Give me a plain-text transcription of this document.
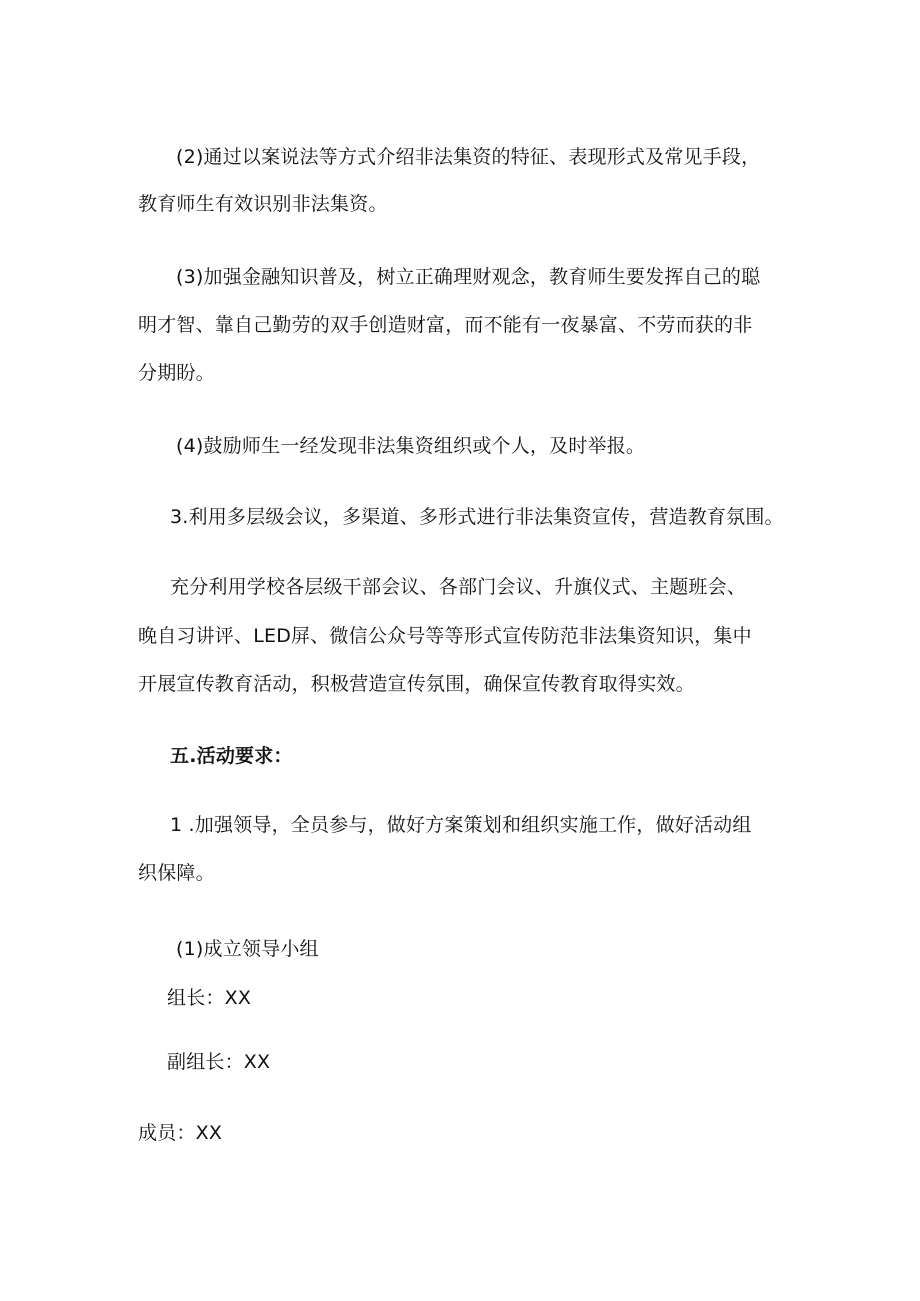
(2)通过以案说法等方式介绍非法集资的特征、表现形式及常见手段，
教育师生有效识别非法集资。
(3)加强金融知识普及，树立正确理财观念，教育师生要发挥自己的聪
明才智、靠自己勤劳的双手创造财富，而不能有一夜暴富、不劳而获的非
分期盼。
(4)鼓励师生一经发现非法集资组织或个人，及时举报。
3.利用多层级会议，多渠道、多形式进行非法集资宣传，营造教育氛围。
充分利用学校各层级干部会议、各部门会议、升旗仪式、主题班会、
晚自习讲评、LED屏、微信公众号等等形式宣传防范非法集资知识，集中
开展宣传教育活动，积极营造宣传氛围，确保宣传教育取得实效。
五.活动要求：
1 .加强领导，全员参与，做好方案策划和组织实施工作，做好活动组
织保障。
(1)成立领导小组
组长：XX
副组长：XX
成员：XX
